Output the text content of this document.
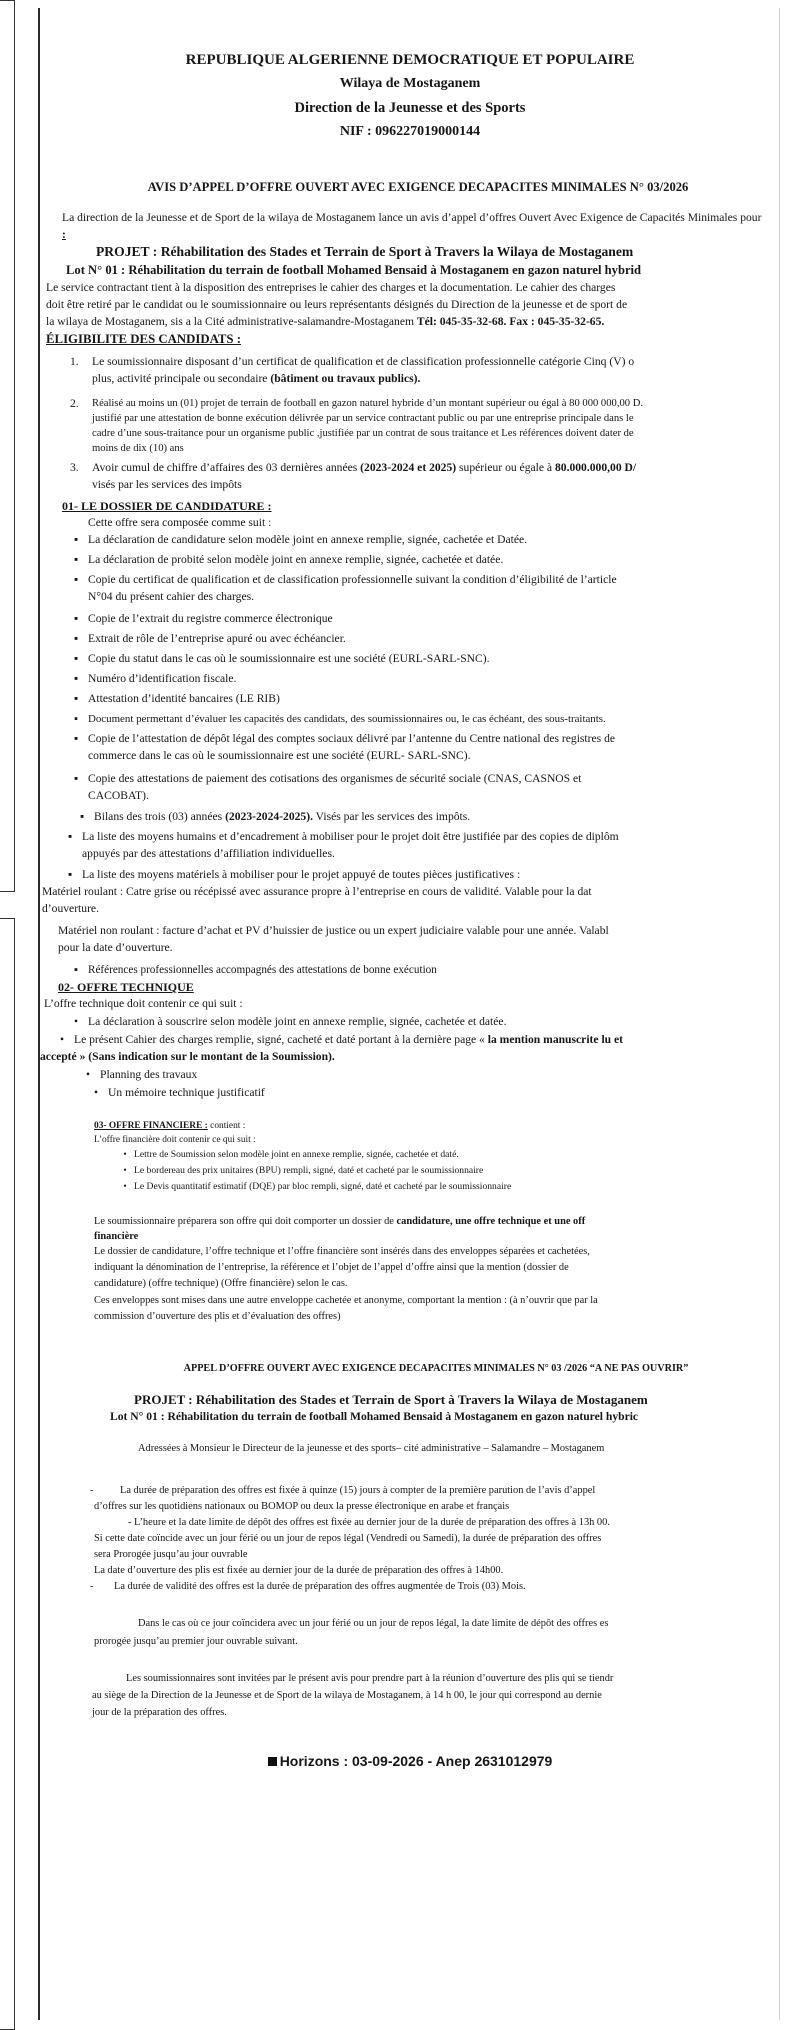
REPUBLIQUE ALGERIENNE DEMOCRATIQUE ET POPULAIRE
Wilaya de Mostaganem
Direction de la Jeunesse et des Sports
NIF : 096227019000144
AVIS D’APPEL D’OFFRE OUVERT AVEC EXIGENCE DECAPACITES MINIMALES N° 03/2026
La direction de la Jeunesse et de Sport de la wilaya de Mostaganem lance un avis d’appel d’offres Ouvert Avec Exigence de Capacités Minimales pour :
PROJET : Réhabilitation des Stades et Terrain de Sport à Travers la Wilaya de Mostaganem
Lot N° 01 : Réhabilitation du terrain de football Mohamed Bensaid à Mostaganem en gazon naturel hybrid
Le service contractant tient à la disposition des entreprises le cahier des charges et la documentation. Le cahier des charges
doit être retiré par le candidat ou le soumissionnaire ou leurs représentants désignés du Direction de la jeunesse et de sport de
la wilaya de Mostaganem, sis a la Cité administrative-salamandre-Mostaganem Tél: 045-35-32-68. Fax : 045-35-32-65.
ÉLIGIBILITE DES CANDIDATS :
1. Le soumissionnaire disposant d’un certificat de qualification et de classification professionnelle catégorie Cinq (V) o
plus, activité principale ou secondaire (bâtiment ou travaux publics).
2. Réalisé au moins un (01) projet de terrain de football en gazon naturel hybride d’un montant supérieur ou égal à 80 000 000,00 D.
justifié par une attestation de bonne exécution délivrée par un service contractant public ou par une entreprise principale dans le
cadre d’une sous-traitance pour un organisme public ,justifiée par un contrat de sous traitance et Les références doivent dater de
moins de dix (10) ans
3. Avoir cumul de chiffre d’affaires des 03 dernières années (2023-2024 et 2025) supérieur ou égale à 80.000.000,00 D/
visés par les services des impôts
01- LE DOSSIER DE CANDIDATURE :
Cette offre sera composée comme suit :
▪ La déclaration de candidature selon modèle joint en annexe remplie, signée, cachetée et Datée.
▪ La déclaration de probité selon modèle joint en annexe remplie, signée, cachetée et datée.
▪ Copie du certificat de qualification et de classification professionnelle suivant la condition d’éligibilité de l’article
N°04 du présent cahier des charges.
▪ Copie de l’extrait du registre commerce électronique
▪ Extrait de rôle de l’entreprise apuré ou avec échéancier.
▪ Copie du statut dans le cas où le soumissionnaire est une société (EURL-SARL-SNC).
▪ Numéro d’identification fiscale.
▪ Attestation d’identité bancaires (LE RIB)
▪ Document permettant d’évaluer les capacités des candidats, des soumissionnaires ou, le cas échéant, des sous-traitants.
▪ Copie de l’attestation de dépôt légal des comptes sociaux délivré par l’antenne du Centre national des registres de
commerce dans le cas où le soumissionnaire est une société (EURL- SARL-SNC).
▪ Copie des attestations de paiement des cotisations des organismes de sécurité sociale (CNAS, CASNOS et
CACOBAT).
▪ Bilans des trois (03) années (2023-2024-2025). Visés par les services des impôts.
▪ La liste des moyens humains et d’encadrement à mobiliser pour le projet doit être justifiée par des copies de diplôm
appuyés par des attestations d’affiliation individuelles.
▪ La liste des moyens matériels à mobiliser pour le projet appuyé de toutes pièces justificatives :
Matériel roulant : Catre grise ou récépissé avec assurance propre à l’entreprise en cours de validité. Valable pour la dat
d’ouverture.
Matériel non roulant : facture d’achat et PV d’huissier de justice ou un expert judiciaire valable pour une année. Valabl
pour la date d’ouverture.
▪ Références professionnelles accompagnés des attestations de bonne exécution
02- OFFRE TECHNIQUE
L’offre technique doit contenir ce qui suit :
• La déclaration à souscrire selon modèle joint en annexe remplie, signée, cachetée et datée.
• Le présent Cahier des charges remplie, signé, cacheté et daté portant à la dernière page « la mention manuscrite lu et
accepté » (Sans indication sur le montant de la Soumission).
• Planning des travaux
• Un mémoire technique justificatif
03- OFFRE FINANCIERE : contient :
L’offre financière doit contenir ce qui suit :
• Lettre de Soumission selon modèle joint en annexe remplie, signée, cachetée et daté.
• Le bordereau des prix unitaires (BPU) rempli, signé, daté et cacheté par le soumissionnaire
• Le Devis quantitatif estimatif (DQE) par bloc rempli, signé, daté et cacheté par le soumissionnaire
Le soumissionnaire préparera son offre qui doit comporter un dossier de candidature, une offre technique et une off
financière
Le dossier de candidature, l’offre technique et l’offre financière sont insérés dans des enveloppes séparées et cachetées,
indiquant la dénomination de l’entreprise, la référence et l’objet de l’appel d’offre ainsi que la mention (dossier de
candidature) (offre technique) (Offre financière) selon le cas.
Ces enveloppes sont mises dans une autre enveloppe cachetée et anonyme, comportant la mention : (à n’ouvrir que par la
commission d’ouverture des plis et d’évaluation des offres)
APPEL D’OFFRE OUVERT AVEC EXIGENCE DECAPACITES MINIMALES N° 03 /2026 “A NE PAS OUVRIR”
PROJET : Réhabilitation des Stades et Terrain de Sport à Travers la Wilaya de Mostaganem
Lot N° 01 : Réhabilitation du terrain de football Mohamed Bensaid à Mostaganem en gazon naturel hybric
Adressées à Monsieur le Directeur de la jeunesse et des sports– cité administrative – Salamandre – Mostaganem
-	La durée de préparation des offres est fixée à quinze (15) jours à compter de la première parution de l’avis d’appel
d’offres sur les quotidiens nationaux ou BOMOP ou deux la presse électronique en arabe et français
- L’heure et la date limite de dépôt des offres est fixée au dernier jour de la durée de préparation des offres à 13h 00.
Si cette date coïncide avec un jour férié ou un jour de repos légal (Vendredi ou Samedi), la durée de préparation des offres
sera Prorogée jusqu’au jour ouvrable
La date d’ouverture des plis est fixée au dernier jour de la durée de préparation des offres à 14h00.
- La durée de validité des offres est la durée de préparation des offres augmentée de Trois (03) Mois.
Dans le cas où ce jour coïncidera avec un jour férié ou un jour de repos légal, la date limite de dépôt des offres es
prorogée jusqu’au premier jour ouvrable suivant.
Les soumissionnaires sont invitées par le présent avis pour prendre part à la réunion d’ouverture des plis qui se tiendr
au siège de la Direction de la Jeunesse et de Sport de la wilaya de Mostaganem, à 14 h 00, le jour qui correspond au dernie
jour de la préparation des offres.
Horizons : 03-09-2026 - Anep 2631012979
